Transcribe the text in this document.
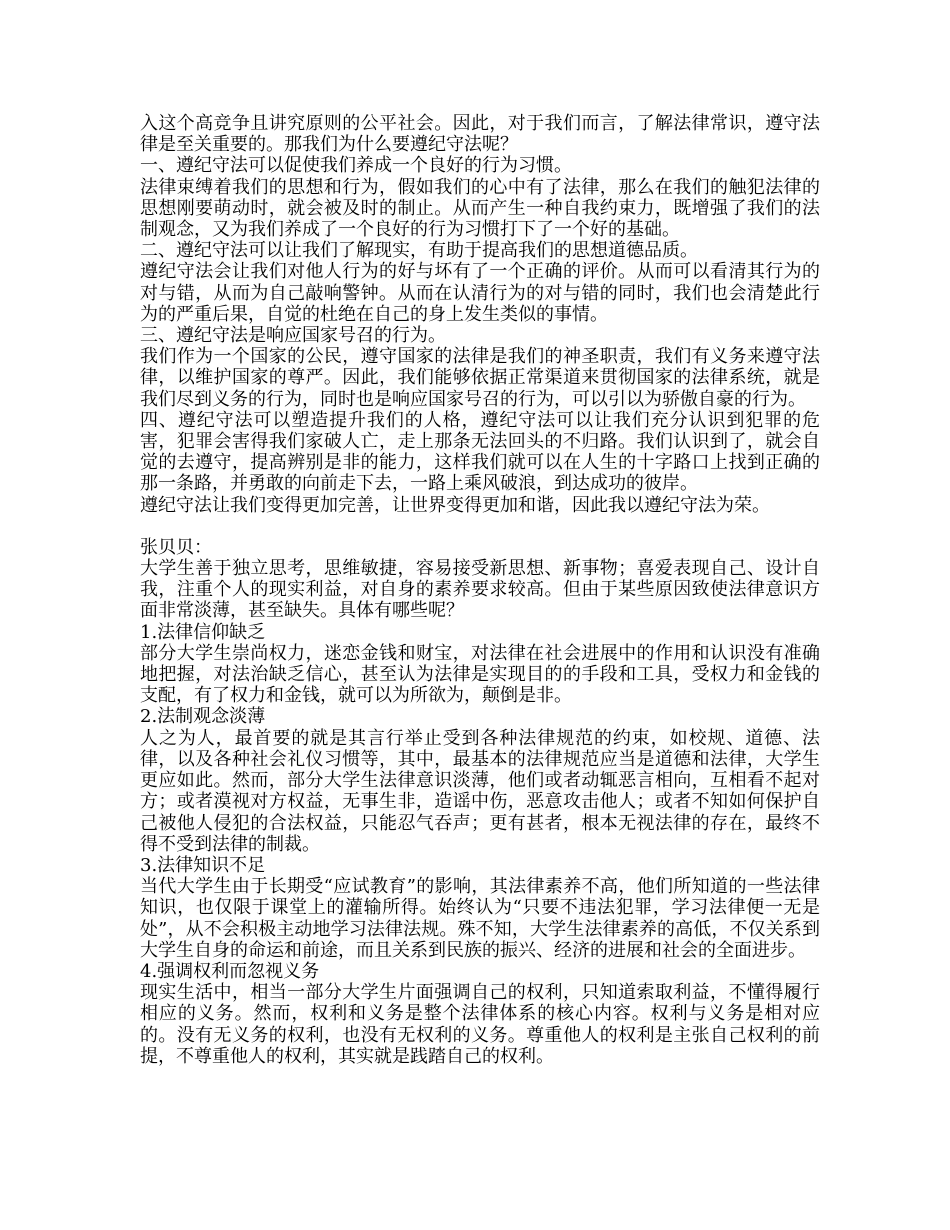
入这个高竞争且讲究原则的公平社会。因此，对于我们而言，了解法律常识，遵守法律是至关重要的。那我们为什么要遵纪守法呢？

一、遵纪守法可以促使我们养成一个良好的行为习惯。

法律束缚着我们的思想和行为，假如我们的心中有了法律，那么在我们的触犯法律的思想刚要萌动时，就会被及时的制止。从而产生一种自我约束力，既增强了我们的法制观念，又为我们养成了一个良好的行为习惯打下了一个好的基础。

二、遵纪守法可以让我们了解现实，有助于提高我们的思想道德品质。

遵纪守法会让我们对他人行为的好与坏有了一个正确的评价。从而可以看清其行为的对与错，从而为自己敲响警钟。从而在认清行为的对与错的同时，我们也会清楚此行为的严重后果，自觉的杜绝在自己的身上发生类似的事情。

三、遵纪守法是响应国家号召的行为。

我们作为一个国家的公民，遵守国家的法律是我们的神圣职责，我们有义务来遵守法律，以维护国家的尊严。因此，我们能够依据正常渠道来贯彻国家的法律系统，就是我们尽到义务的行为，同时也是响应国家号召的行为，可以引以为骄傲自豪的行为。

四、遵纪守法可以塑造提升我们的人格，遵纪守法可以让我们充分认识到犯罪的危害，犯罪会害得我们家破人亡，走上那条无法回头的不归路。我们认识到了，就会自觉的去遵守，提高辨别是非的能力，这样我们就可以在人生的十字路口上找到正确的那一条路，并勇敢的向前走下去，一路上乘风破浪，到达成功的彼岸。

遵纪守法让我们变得更加完善，让世界变得更加和谐，因此我以遵纪守法为荣。

张贝贝：

大学生善于独立思考，思维敏捷，容易接受新思想、新事物；喜爱表现自己、设计自我，注重个人的现实利益，对自身的素养要求较高。但由于某些原因致使法律意识方面非常淡薄，甚至缺失。具体有哪些呢？

1.法律信仰缺乏

部分大学生崇尚权力，迷恋金钱和财宝，对法律在社会进展中的作用和认识没有准确地把握，对法治缺乏信心，甚至认为法律是实现目的的手段和工具，受权力和金钱的支配，有了权力和金钱，就可以为所欲为，颠倒是非。

2.法制观念淡薄

人之为人，最首要的就是其言行举止受到各种法律规范的约束，如校规、道德、法律，以及各种社会礼仪习惯等，其中，最基本的法律规范应当是道德和法律，大学生更应如此。然而，部分大学生法律意识淡薄，他们或者动辄恶言相向，互相看不起对方；或者漠视对方权益，无事生非，造谣中伤，恶意攻击他人；或者不知如何保护自己被他人侵犯的合法权益，只能忍气吞声；更有甚者，根本无视法律的存在，最终不得不受到法律的制裁。

3.法律知识不足

当代大学生由于长期受“应试教育”的影响，其法律素养不高，他们所知道的一些法律知识，也仅限于课堂上的灌输所得。始终认为“只要不违法犯罪，学习法律便一无是处”，从不会积极主动地学习法律法规。殊不知，大学生法律素养的高低，不仅关系到大学生自身的命运和前途，而且关系到民族的振兴、经济的进展和社会的全面进步。

4.强调权利而忽视义务

现实生活中，相当一部分大学生片面强调自己的权利，只知道索取利益，不懂得履行相应的义务。然而，权利和义务是整个法律体系的核心内容。权利与义务是相对应的。没有无义务的权利，也没有无权利的义务。尊重他人的权利是主张自己权利的前提，不尊重他人的权利，其实就是践踏自己的权利。
